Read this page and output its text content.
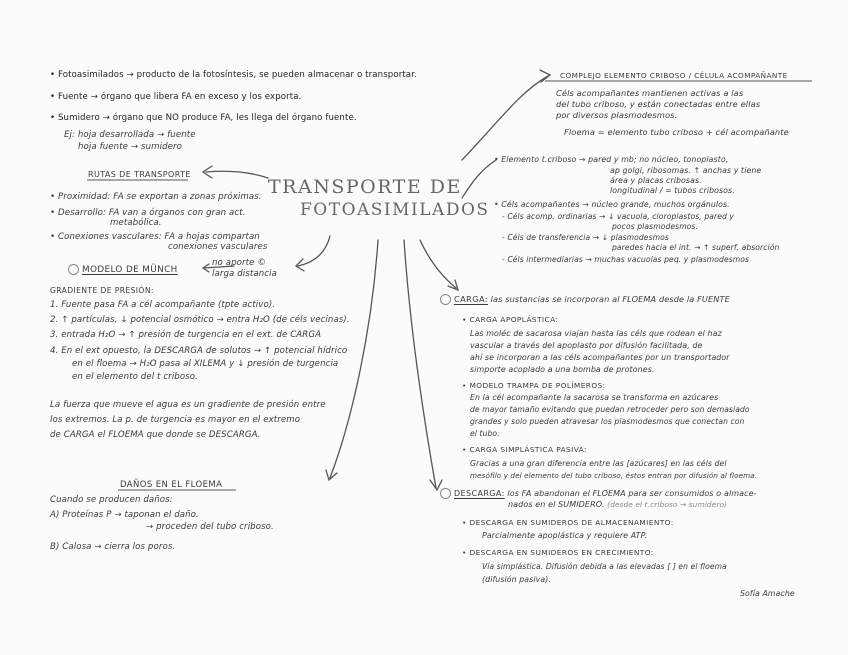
TRANSPORTE DE
FOTOASIMILADOS
• Fotoasimilados → producto de la fotosíntesis, se pueden almacenar o transportar.
• Fuente → órgano que libera FA en exceso y los exporta.
• Sumidero → órgano que NO produce FA, les llega del órgano fuente.
Ej: hoja desarrollada → fuente
hoja fuente → sumidero
RUTAS DE TRANSPORTE
• Proximidad: FA se exportan a zonas próximas.
• Desarrollo: FA van a órganos con gran act.
metabólica.
• Conexiones vasculares: FA a hojas compartan
conexiones vasculares
MODELO DE MÜNCH
no aporte ©
larga distancia
GRADIENTE DE PRESIÓN:
1. Fuente pasa FA a cél acompañante (tpte activo).
2. ↑ partículas, ↓ potencial osmótico → entra H₂O (de céls vecinas).
3. entrada H₂O → ↑ presión de turgencia en el ext. de CARGA
4. En el ext opuesto, la DESCARGA de solutos → ↑ potencial hídrico
en el floema → H₂O pasa al XILEMA y ↓ presión de turgencia
en el elemento del t criboso.
La fuerza que mueve el agua es un gradiente de presión entre
los extremos. La p. de turgencia es mayor en el extremo
de CARGA el FLOEMA que donde se DESCARGA.
DAÑOS EN EL FLOEMA
Cuando se producen daños:
A) Proteínas P → taponan el daño.
→ proceden del tubo criboso.
B) Calosa → cierra los poros.
COMPLEJO ELEMENTO CRIBOSO / CÉLULA ACOMPAÑANTE
Céls acompañantes mantienen activas a las
del tubo criboso, y están conectadas entre ellas
por diversos plasmodesmos.
Floema = elemento tubo criboso + cél acompañante
• Elemento t.criboso → pared y mb; no núcleo, tonoplasto,
ap golgi, ribosomas. ↑ anchas y tiene
área y placas cribosas.
longitudinal / = tubos cribosos.
• Céls acompañantes → núcleo grande, muchos orgánulos.
- Céls acomp. ordinarias → ↓ vacuola, cloroplastos, pared y
pocos plasmodesmos.
- Céls de transferencia → ↓ plasmodesmos
paredes hacia el int. → ↑ superf. absorción
- Céls intermediarias → muchas vacuolas peq. y plasmodesmos
CARGA: las sustancias se incorporan al FLOEMA desde la FUENTE
• CARGA APOPLÁSTICA:
Las moléc de sacarosa viajan hasta las céls que rodean el haz
vascular a través del apoplasto por difusión facilitada, de
ahí se incorporan a las céls acompañantes por un transportador
simporte acoplado a una bomba de protones.
• MODELO TRAMPA DE POLÍMEROS:
En la cél acompañante la sacarosa se transforma en azúcares
de mayor tamaño evitando que puedan retroceder pero son demasiado
grandes y solo pueden atravesar los plasmodesmos que conectan con
el tubo.
• CARGA SIMPLÁSTICA PASIVA:
Gracias a una gran diferencia entre las [azúcares] en las céls del
mesófilo y del elemento del tubo criboso, éstos entran por difusión al floema.
DESCARGA: los FA abandonan el FLOEMA para ser consumidos o almace-
nados en el SUMIDERO. (desde el t.criboso → sumidero)
• DESCARGA EN SUMIDEROS DE ALMACENAMIENTO:
Parcialmente apoplástica y requiere ATP.
• DESCARGA EN SUMIDEROS EN CRECIMIENTO:
Vía simplástica. Difusión debida a las elevadas [ ] en el floema
(difusión pasiva).
Sofía Amache
